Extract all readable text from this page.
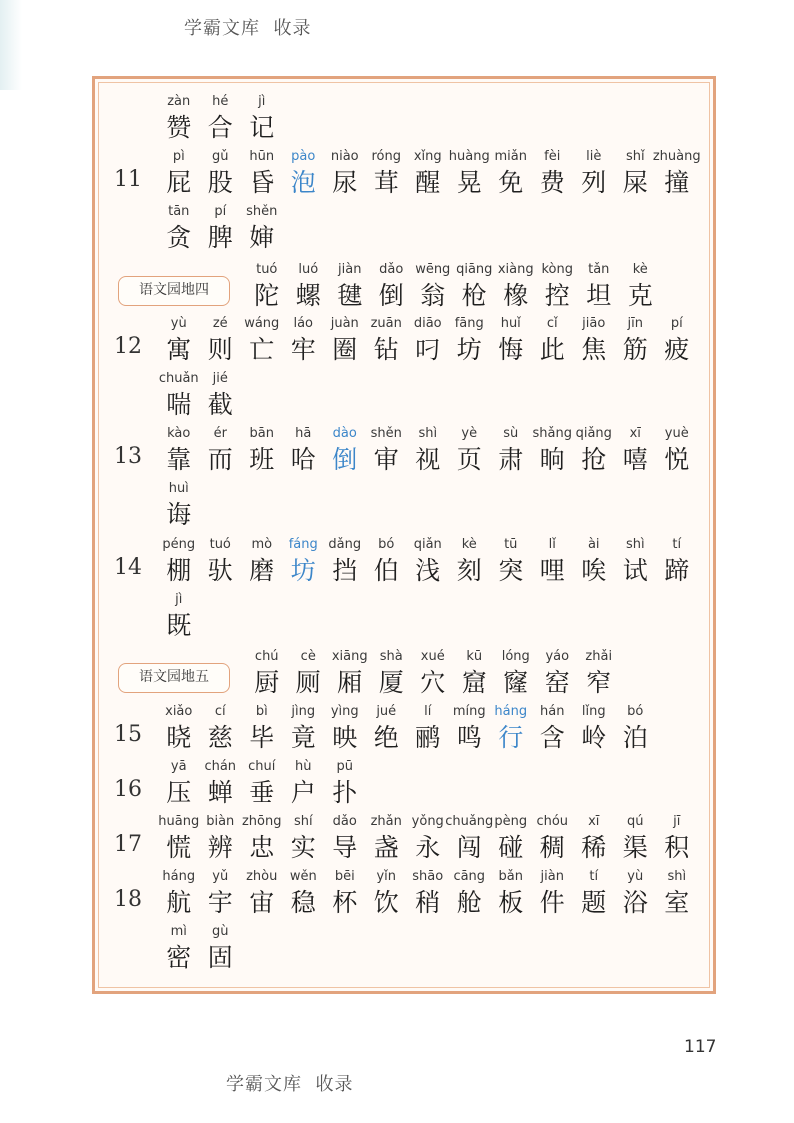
学霸文库  收录
zàn
赞
hé
合
jì
记
11
pì
屁
gǔ
股
hūn
昏
pào
泡
niào
尿
róng
茸
xǐng
醒
huàng
晃
miǎn
免
fèi
费
liè
列
shǐ
屎
zhuàng
撞
tān
贪
pí
脾
shěn
婶
语文园地四
tuó
陀
luó
螺
jiàn
毽
dǎo
倒
wēng
翁
qiāng
枪
xiàng
橡
kòng
控
tǎn
坦
kè
克
12
yù
寓
zé
则
wáng
亡
láo
牢
juàn
圈
zuān
钻
diāo
叼
fāng
坊
huǐ
悔
cǐ
此
jiāo
焦
jīn
筋
pí
疲
chuǎn
喘
jié
截
13
kào
靠
ér
而
bān
班
hā
哈
dào
倒
shěn
审
shì
视
yè
页
sù
肃
shǎng
晌
qiǎng
抢
xī
嘻
yuè
悦
huì
诲
14
péng
棚
tuó
驮
mò
磨
fáng
坊
dǎng
挡
bó
伯
qiǎn
浅
kè
刻
tū
突
lǐ
哩
ài
唉
shì
试
tí
蹄
jì
既
语文园地五
chú
厨
cè
厕
xiāng
厢
shà
厦
xué
穴
kū
窟
lóng
窿
yáo
窑
zhǎi
窄
15
xiǎo
晓
cí
慈
bì
毕
jìng
竟
yìng
映
jué
绝
lí
鹂
míng
鸣
háng
行
hán
含
lǐng
岭
bó
泊
16
yā
压
chán
蝉
chuí
垂
hù
户
pū
扑
17
huāng
慌
biàn
辨
zhōng
忠
shí
实
dǎo
导
zhǎn
盏
yǒng
永
chuǎng
闯
pèng
碰
chóu
稠
xī
稀
qú
渠
jī
积
18
háng
航
yǔ
宇
zhòu
宙
wěn
稳
bēi
杯
yǐn
饮
shāo
稍
cāng
舱
bǎn
板
jiàn
件
tí
题
yù
浴
shì
室
mì
密
gù
固
117
学霸文库  收录
